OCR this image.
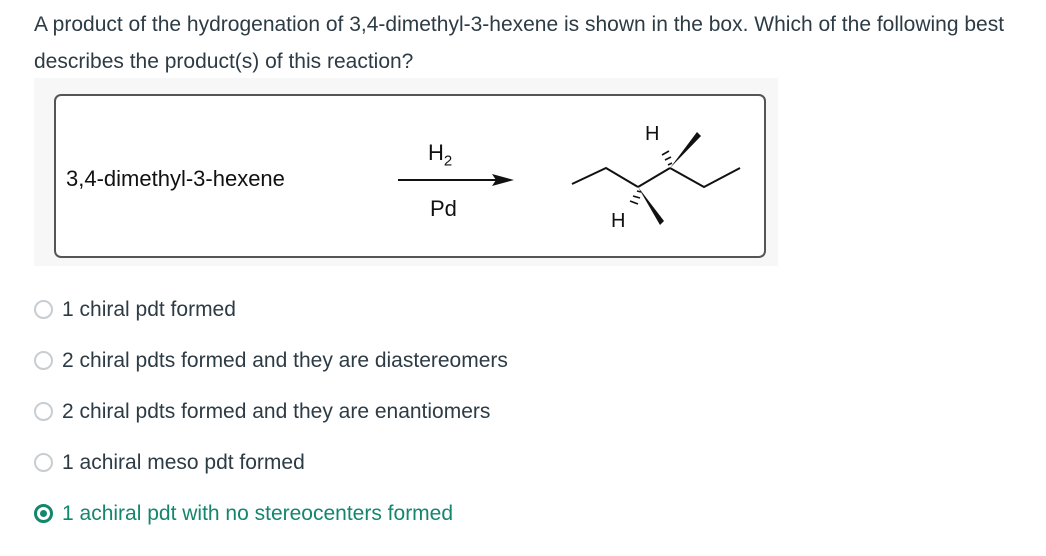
A product of the hydrogenation of 3,4-dimethyl-3-hexene is shown in the box. Which of the following best describes the product(s) of this reaction?

3,4-dimethyl-3-hexene
$H_2$
Pd
H
H
1 chiral pdt formed
2 chiral pdts formed and they are diastereomers
2 chiral pdts formed and they are enantiomers
1 achiral meso pdt formed
1 achiral pdt with no stereocenters formed
